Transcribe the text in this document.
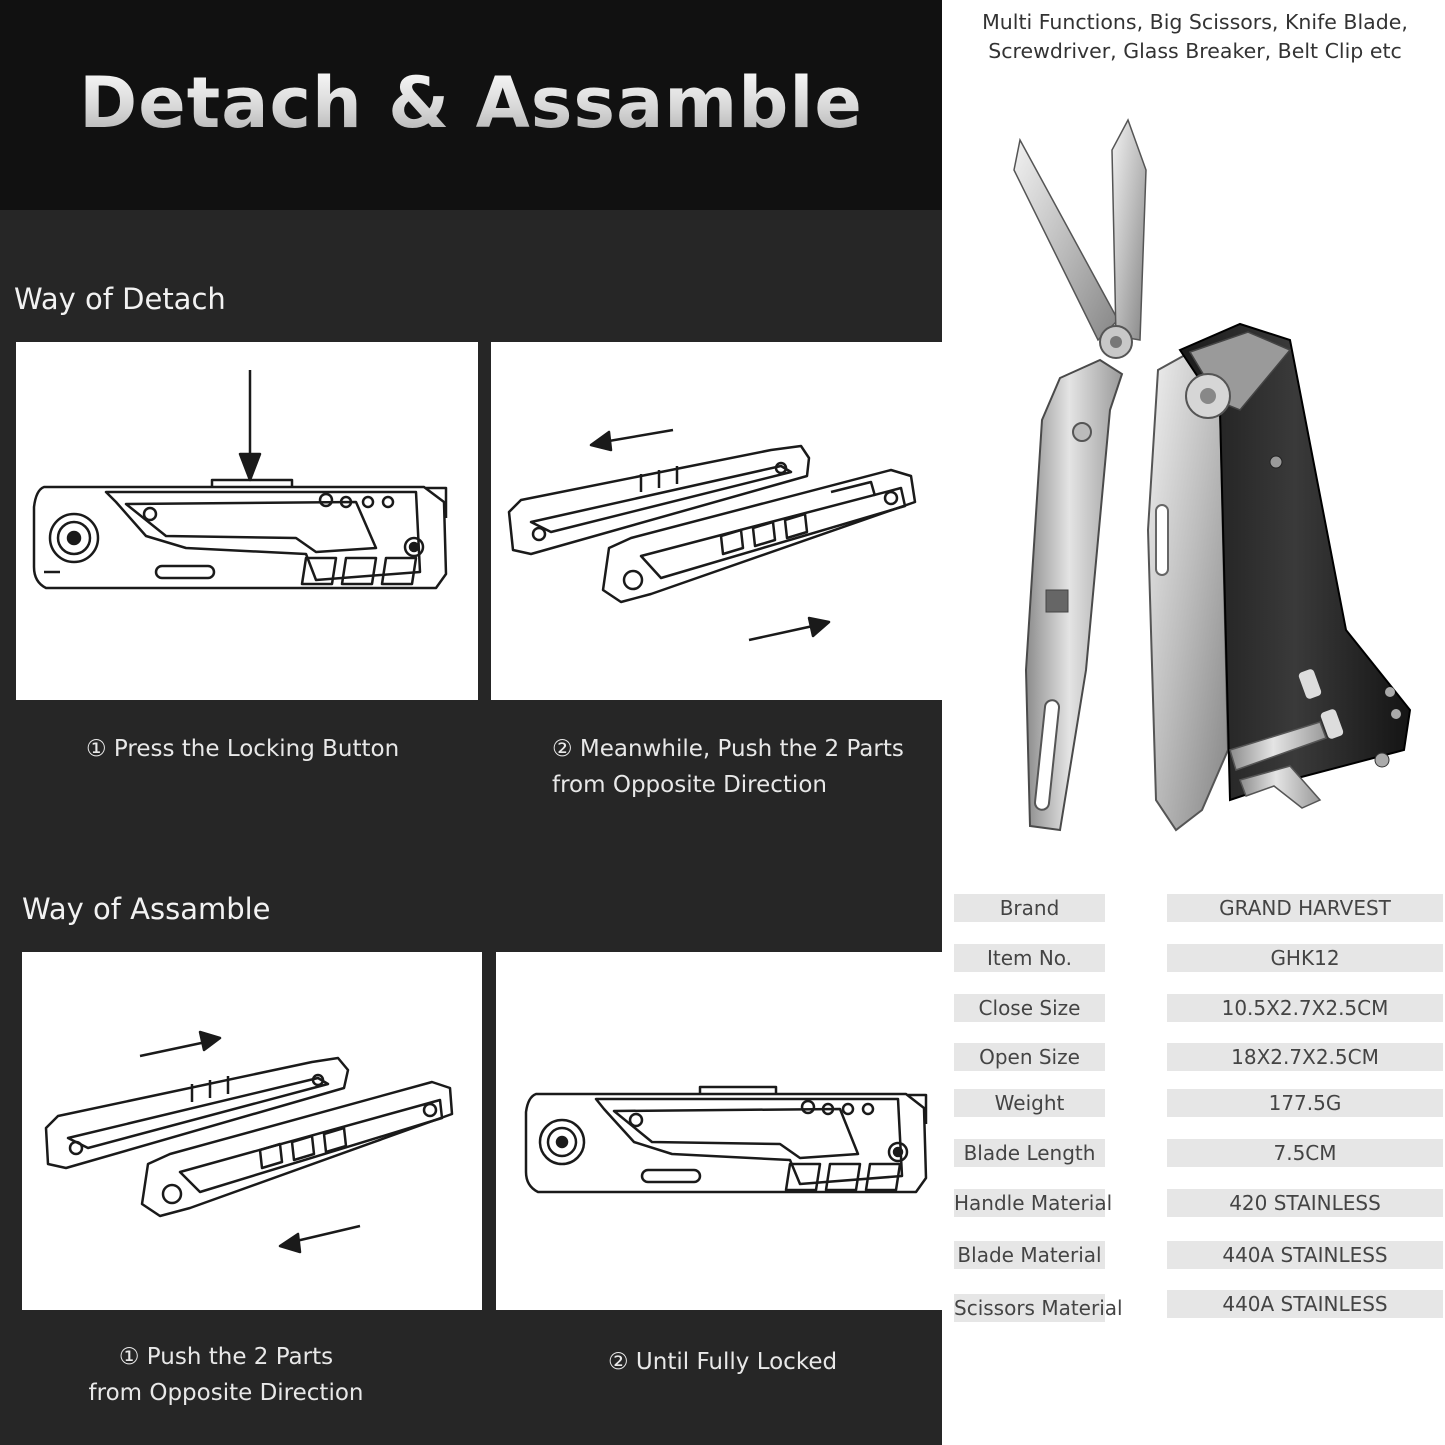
Detach & Assamble
Way of Detach
① Press the Locking Button	② Meanwhile, Push the 2 Parts
from Opposite Direction
Way of Assamble
① Push the 2 Parts
from Opposite Direction
② Until Fully Locked
Multi Functions, Big Scissors, Knife Blade,
Screwdriver, Glass Breaker, Belt Clip etc
Brand	GRAND HARVEST
Item No.	GHK12
Close Size	10.5X2.7X2.5CM
Open Size	18X2.7X2.5CM
Weight	177.5G
Blade Length	7.5CM
Handle Material	420 STAINLESS
Blade Material	440A STAINLESS
Scissors Material	440A STAINLESS
